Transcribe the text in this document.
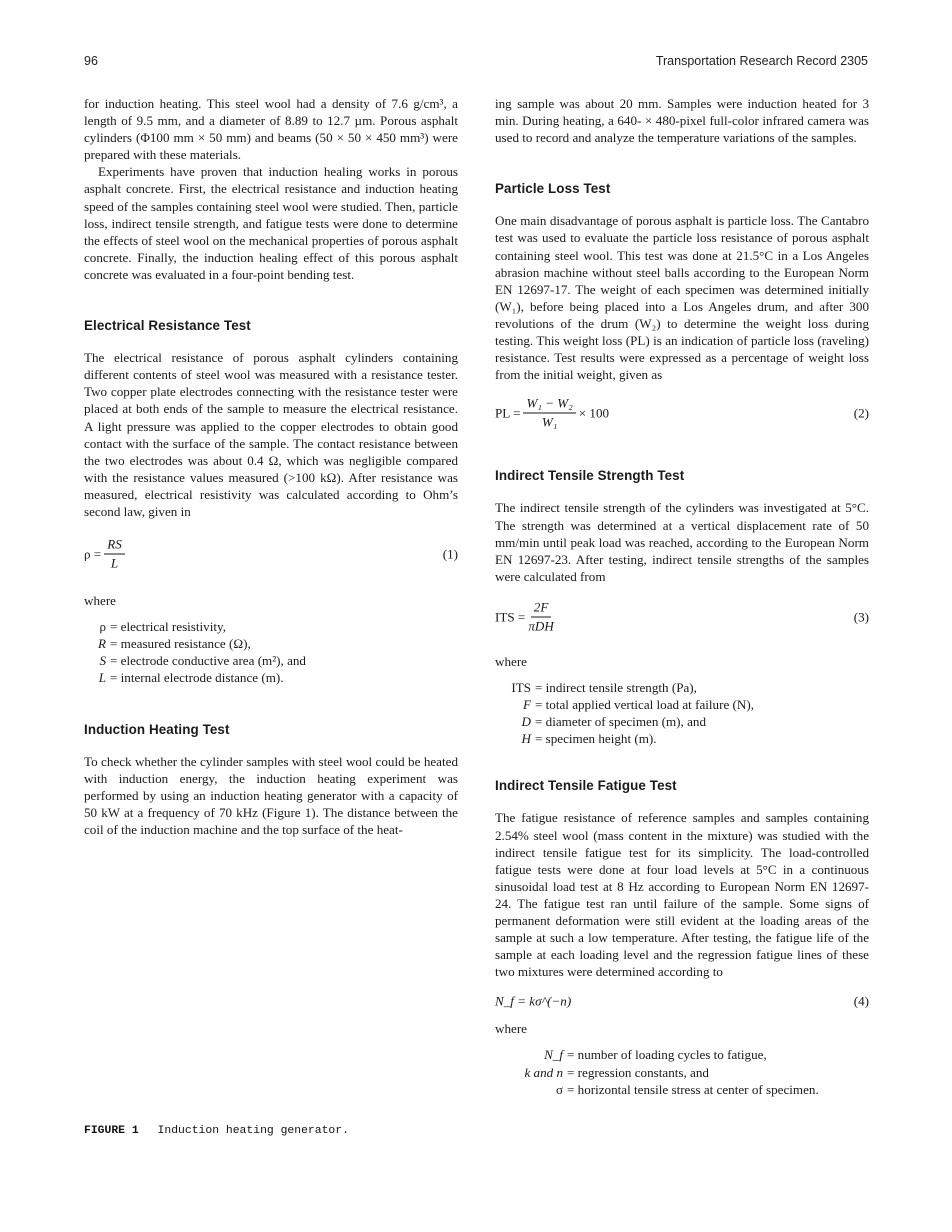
96	Transportation Research Record 2305

for induction heating. This steel wool had a density of 7.6 g/cm³, a length of 9.5 mm, and a diameter of 8.89 to 12.7 µm. Porous asphalt cylinders (Φ100 mm × 50 mm) and beams (50 × 50 × 450 mm³) were prepared with these materials.

Experiments have proven that induction healing works in porous asphalt concrete. First, the electrical resistance and induction heating speed of the samples containing steel wool were studied. Then, particle loss, indirect tensile strength, and fatigue tests were done to determine the effects of steel wool on the mechanical properties of porous asphalt concrete. Finally, the induction healing effect of this porous asphalt concrete was evaluated in a four-point bending test.

Electrical Resistance Test

The electrical resistance of porous asphalt cylinders containing different contents of steel wool was measured with a resistance tester. Two copper plate electrodes connecting with the resistance tester were placed at both ends of the sample to measure the electrical resistance. A light pressure was applied to the copper electrodes to obtain good contact with the surface of the sample. The contact resistance between the two electrodes was about 0.4 Ω, which was negligible compared with the resistance values measured (>100 kΩ). After resistance was measured, electrical resistivity was calculated according to Ohm’s second law, given in

$\rho = \frac{RS}{L}$	(1)

where

ρ = electrical resistivity,
R = measured resistance (Ω),
S = electrode conductive area (m²), and
L = internal electrode distance (m).
Induction Heating Test

To check whether the cylinder samples with steel wool could be heated with induction energy, the induction heating experiment was performed by using an induction heating generator with a capacity of 50 kW at a frequency of 70 kHz (Figure 1). The distance between the coil of the induction machine and the top surface of the heat-

FIGURE 1 Induction heating generator.

ing sample was about 20 mm. Samples were induction heated for 3 min. During heating, a 640- × 480-pixel full-color infrared camera was used to record and analyze the temperature variations of the samples.

Particle Loss Test

One main disadvantage of porous asphalt is particle loss. The Cantabro test was used to evaluate the particle loss resistance of porous asphalt containing steel wool. This test was done at 21.5°C in a Los Angeles abrasion machine without steel balls according to the European Norm EN 12697-17. The weight of each specimen was determined initially (W₁), before being placed into a Los Angeles drum, and after 300 revolutions of the drum (W₂) to determine the weight loss during testing. This weight loss (PL) is an indication of particle loss (raveling) resistance. Test results were expressed as a percentage of weight loss from the initial weight, given as

PL = $\frac{\text{W₁ − W₂}}{\text{W₁}} \times 100$	(2)
Indirect Tensile Strength Test

The indirect tensile strength of the cylinders was investigated at 5°C. The strength was determined at a vertical displacement rate of 50 mm/min until peak load was reached, according to the European Norm EN 12697-23. After testing, indirect tensile strengths of the samples were calculated from

ITS = $\frac{2F}{\text{πDH}}$	(3)

where

ITS = indirect tensile strength (Pa),
F = total applied vertical load at failure (N),
D = diameter of specimen (m), and
H = specimen height (m).
Indirect Tensile Fatigue Test

The fatigue resistance of reference samples and samples containing 2.54% steel wool (mass content in the mixture) was studied with the indirect tensile fatigue test for its simplicity. The load-controlled fatigue tests were done at four load levels at 5°C in a continuous sinusoidal load test at 8 Hz according to European Norm EN 12697-24. The fatigue test ran until failure of the sample. Some signs of permanent deformation were still evident at the loading areas of the sample at such a low temperature. After testing, the fatigue life of the sample at each loading level and the regression fatigue lines of these two mixtures were determined according to

N_f = kσ^(−n)	(4)

where

N_f = number of loading cycles to fatigue,
k and n = regression constants, and
σ = horizontal tensile stress at center of specimen.
